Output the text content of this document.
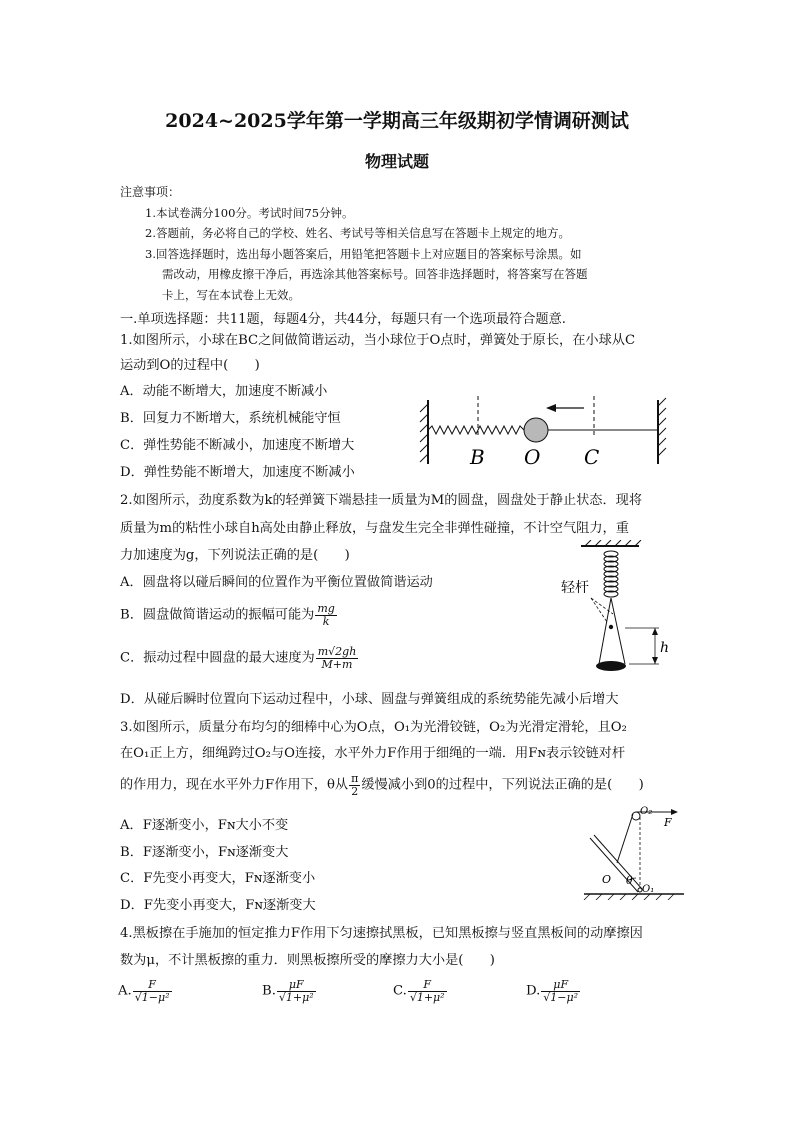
2024~2025学年第一学期高三年级期初学情调研测试
物理试题
注意事项：
1.本试卷满分100分。考试时间75分钟。
2.答题前，务必将自己的学校、姓名、考试号等相关信息写在答题卡上规定的地方。
3.回答选择题时，选出每小题答案后，用铅笔把答题卡上对应题目的答案标号涂黑。如
需改动，用橡皮擦干净后，再选涂其他答案标号。回答非选择题时，将答案写在答题
卡上，写在本试卷上无效。
一.单项选择题：共11题，每题4分，共44分，每题只有一个选项最符合题意.
1.如图所示，小球在BC之间做简谐运动，当小球位于O点时，弹簧处于原长，在小球从C
运动到O的过程中(　　)
A．动能不断增大，加速度不断减小
B．回复力不断增大，系统机械能守恒
C．弹性势能不断减小，加速度不断增大
D．弹性势能不断增大，加速度不断减小
B O C
2.如图所示，劲度系数为k的轻弹簧下端悬挂一质量为M的圆盘，圆盘处于静止状态．现将
质量为m的粘性小球自h高处由静止释放，与盘发生完全非弹性碰撞，不计空气阻力，重
力加速度为g，下列说法正确的是(　　)
A．圆盘将以碰后瞬间的位置作为平衡位置做简谐运动
B．圆盘做简谐运动的振幅可能为 $\frac{mg}{k}$
C．振动过程中圆盘的最大速度为 $\frac{m√2gh}{M+m}$
D．从碰后瞬时位置向下运动过程中，小球、圆盘与弹簧组成的系统势能先减小后增大
轻杆
h
3.如图所示，质量分布均匀的细棒中心为O点，O₁为光滑铰链，O₂为光滑定滑轮，且O₂
在O₁正上方，细绳跨过O₂与O连接，水平外力F作用于细绳的一端．用Fɴ表示铰链对杆
的作用力，现在水平外力F作用下，θ从 $\frac{\pi}{2}$ 缓慢减小到0的过程中，下列说法正确的是(　　)
A．F逐渐变小，Fɴ大小不变
B．F逐渐变小，Fɴ逐渐变大
C．F先变小再变大，Fɴ逐渐变小
D．F先变小再变大，Fɴ逐渐变大
O₂
F
O θ
O₁
4.黑板擦在手施加的恒定推力F作用下匀速擦拭黑板，已知黑板擦与竖直黑板间的动摩擦因
数为μ，不计黑板擦的重力．则黑板擦所受的摩擦力大小是(　　)
A. $\frac{F}{\text{√1−μ²}}$	B. $\frac{\mu F}{\text{√1+μ²}}$	C. $\frac{F}{\text{√1+μ²}}$	D. $\frac{\mu F}{\text{√1−μ²}}$
